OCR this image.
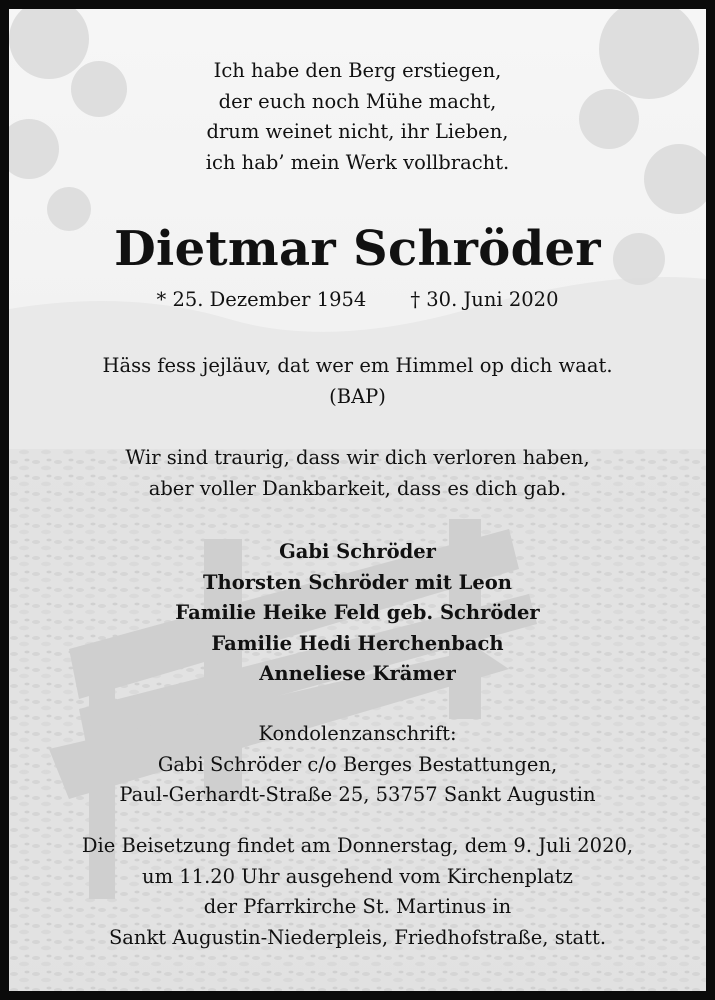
Ich habe den Berg erstiegen,
der euch noch Mühe macht,
drum weinet nicht, ihr Lieben,
ich hab’ mein Werk vollbracht.
Dietmar Schröder
* 25. Dezember 1954 † 30. Juni 2020
Häss fess jejläuv, dat wer em Himmel op dich waat.
(BAP)
Wir sind traurig, dass wir dich verloren haben,
aber voller Dankbarkeit, dass es dich gab.
Gabi Schröder
Thorsten Schröder mit Leon
Familie Heike Feld geb. Schröder
Familie Hedi Herchenbach
Anneliese Krämer
Kondolenzanschrift:
Gabi Schröder c/o Berges Bestattungen,
Paul-Gerhardt-Straße 25, 53757 Sankt Augustin
Die Beisetzung findet am Donnerstag, dem 9. Juli 2020,
um 11.20 Uhr ausgehend vom Kirchenplatz
der Pfarrkirche St. Martinus in
Sankt Augustin-Niederpleis, Friedhofstraße, statt.
